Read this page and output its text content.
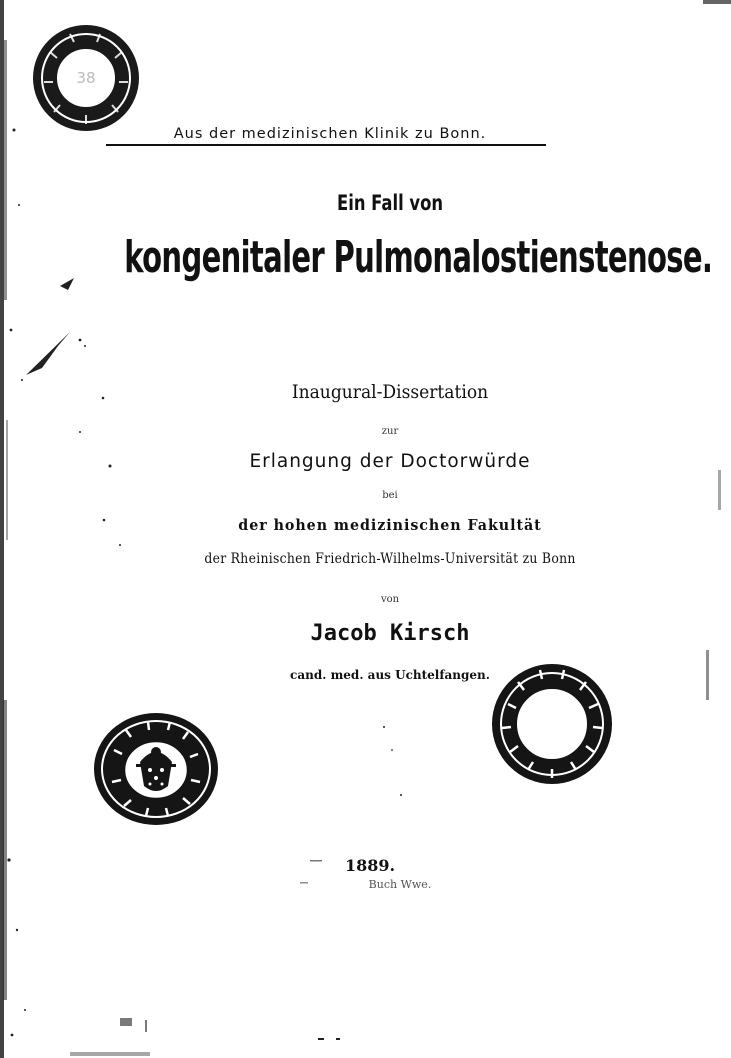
38
Aus der medizinischen Klinik zu Bonn.
Ein Fall von
kongenitaler Pulmonalostienstenose.
Inaugural-Dissertation
zur
Erlangung der Doctorwürde
bei
der hohen medizinischen Fakultät
der Rheinischen Friedrich-Wilhelms-Universität zu Bonn
von
Jacob Kirsch
cand. med. aus Uchtelfangen.
1889.
Buch Wwe.
